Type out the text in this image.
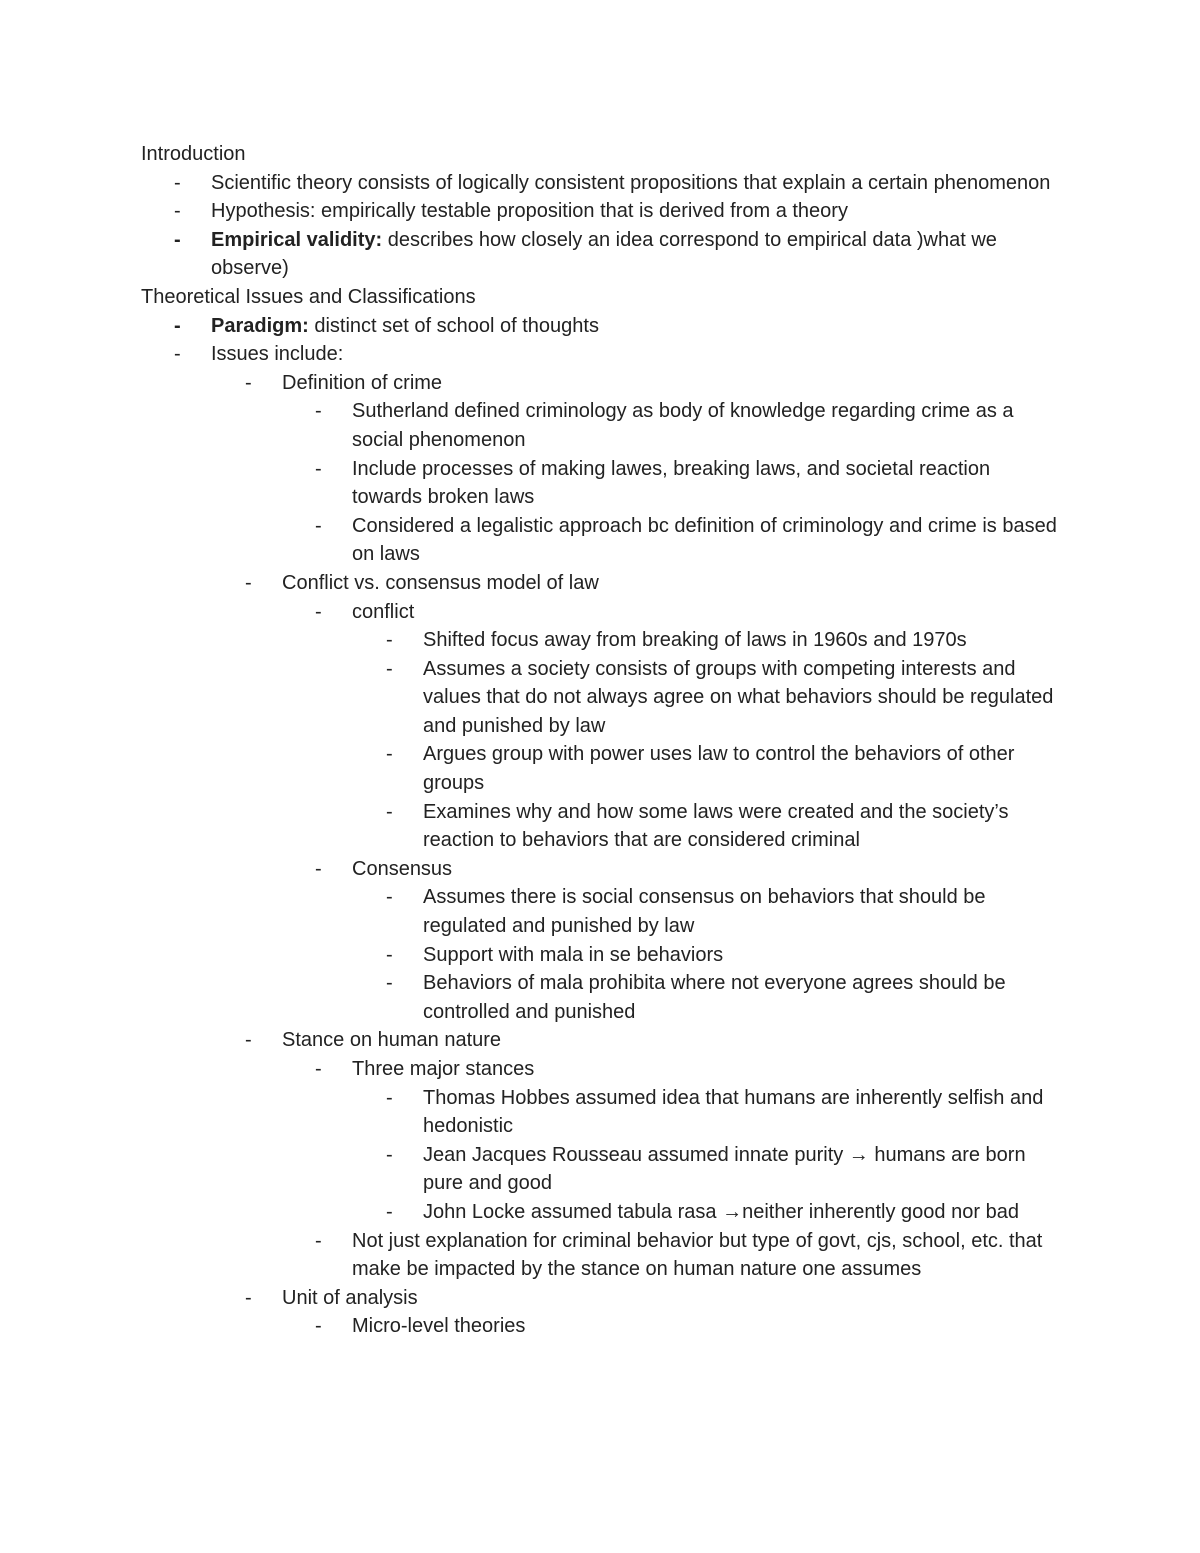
Introduction
- Scientific theory consists of logically consistent propositions that explain a certain phenomenon
- Hypothesis: empirically testable proposition that is derived from a theory
- Empirical validity: describes how closely an idea correspond to empirical data )what we observe)
Theoretical Issues and Classifications
- Paradigm: distinct set of school of thoughts
- Issues include:
- Definition of crime
- Sutherland defined criminology as body of knowledge regarding crime as a social phenomenon
- Include processes of making lawes, breaking laws, and societal reaction towards broken laws
- Considered a legalistic approach bc definition of criminology and crime is based on laws
- Conflict vs. consensus model of law
- conflict
- Shifted focus away from breaking of laws in 1960s and 1970s
- Assumes a society consists of groups with competing interests and values that do not always agree on what behaviors should be regulated and punished by law
- Argues group with power uses law to control the behaviors of other groups
- Examines why and how some laws were created and the society’s reaction to behaviors that are considered criminal
- Consensus
- Assumes there is social consensus on behaviors that should be regulated and punished by law
- Support with mala in se behaviors
- Behaviors of mala prohibita where not everyone agrees should be controlled and punished
- Stance on human nature
- Three major stances
- Thomas Hobbes assumed idea that humans are inherently selfish and hedonistic
- Jean Jacques Rousseau assumed innate purity → humans are born pure and good
- John Locke assumed tabula rasa →neither inherently good nor bad
- Not just explanation for criminal behavior but type of govt, cjs, school, etc. that make be impacted by the stance on human nature one assumes
- Unit of analysis
- Micro-level theories
